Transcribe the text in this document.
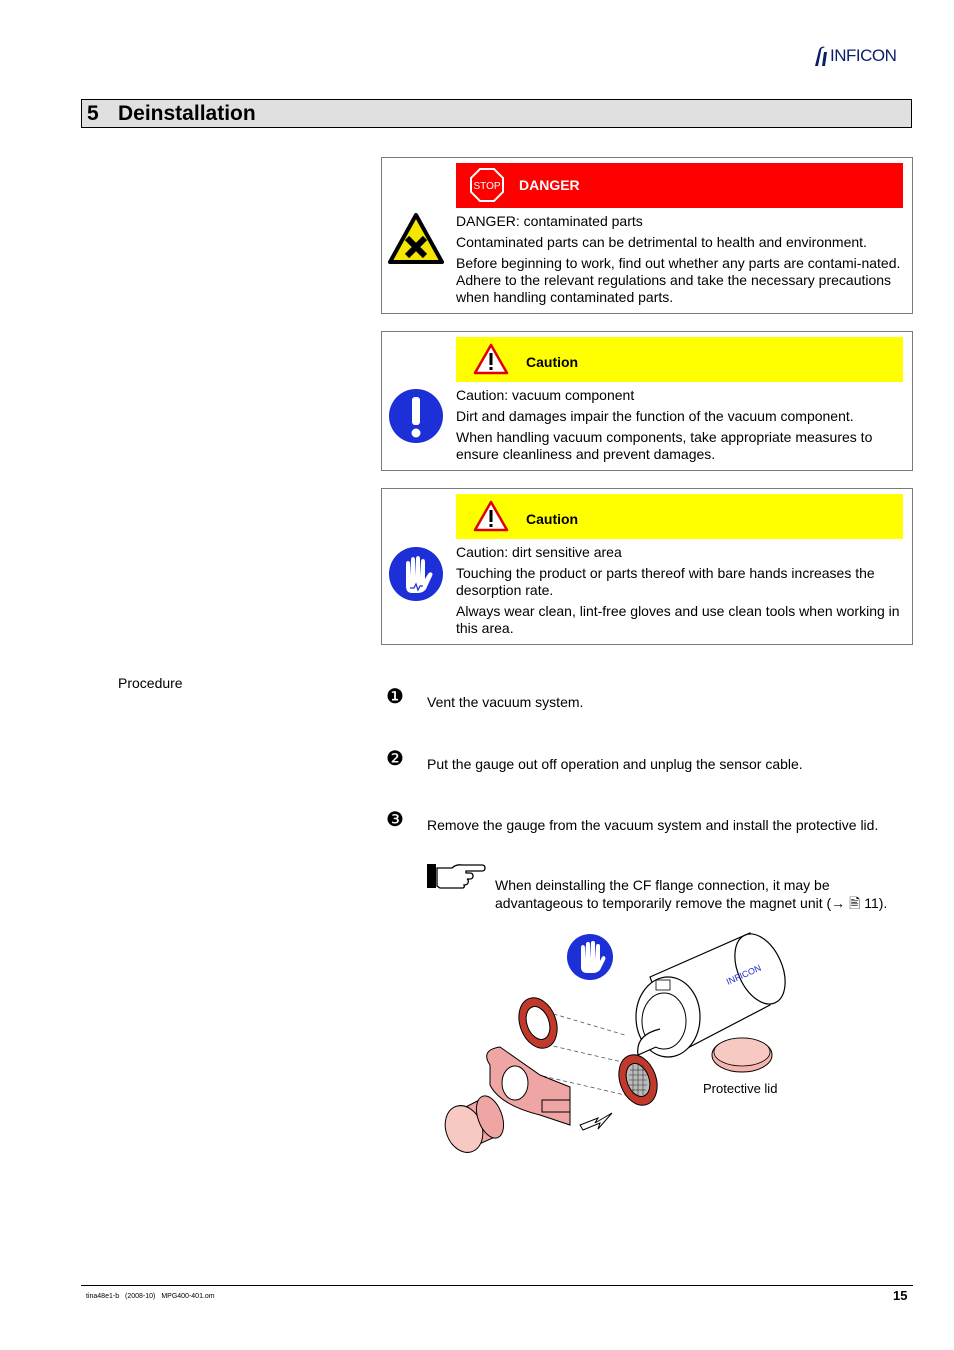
INFICON
5 Deinstallation
STOP DANGER

DANGER: contaminated parts

Contaminated parts can be detrimental to health and environment.

Before beginning to work, find out whether any parts are contami-nated. Adhere to the relevant regulations and take the necessary precautions when handling contaminated parts.

Caution

Caution: vacuum component

Dirt and damages impair the function of the vacuum component.

When handling vacuum components, take appropriate measures to ensure cleanliness and prevent damages.

Caution

Caution: dirt sensitive area

Touching the product or parts thereof with bare hands increases the desorption rate.

Always wear clean, lint-free gloves and use clean tools when working in this area.

Procedure
❶ Vent the vacuum system.
❷ Put the gauge out off operation and unplug the sensor cable.
❸ Remove the gauge from the vacuum system and install the protective lid.
When deinstalling the CF flange connection, it may be advantageous to temporarily remove the magnet unit (→ 🖹 11).
INFICON
Protective lid
tina48e1-b (2008-10) MPG400-401.om	15
